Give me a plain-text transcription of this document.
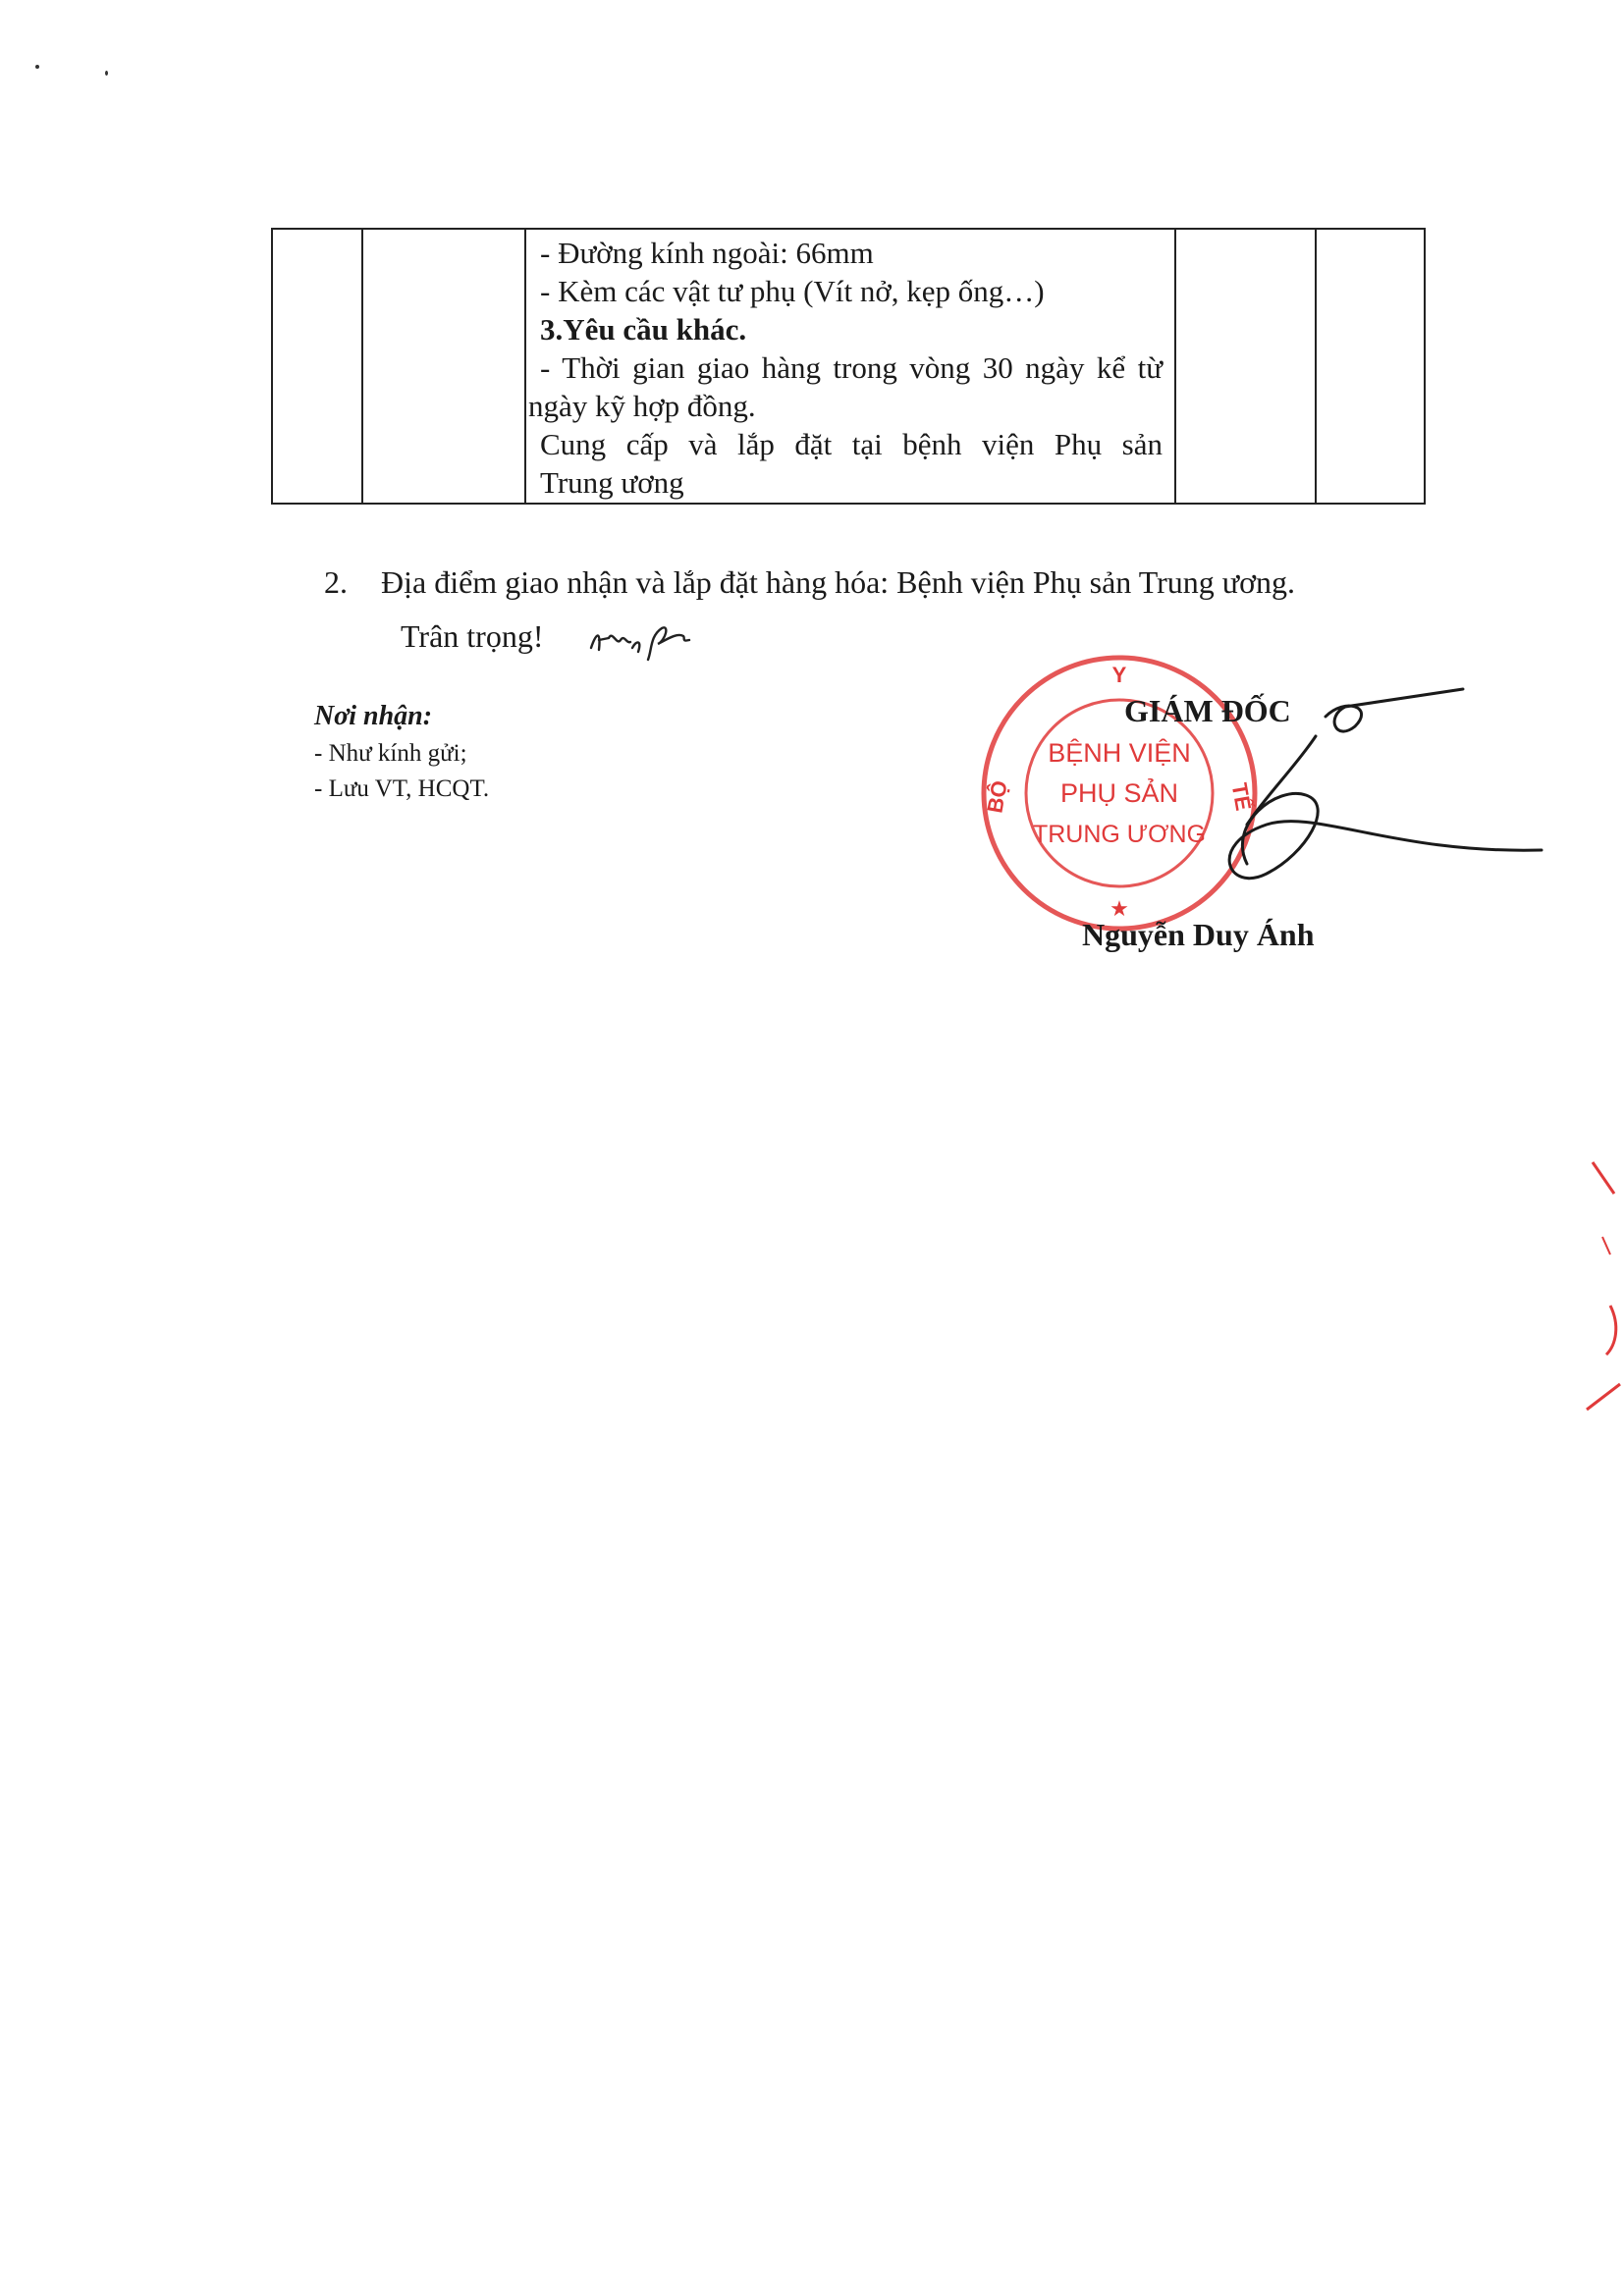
- Đường kính ngoài: 66mm
- Kèm các vật tư phụ (Vít nở, kẹp ống…)
3.Yêu cầu khác.
- Thời gian giao hàng trong vòng 30 ngày kể từ
ngày kỹ hợp đồng.
Cung cấp và lắp đặt tại bệnh viện Phụ sản
Trung ương
2. Địa điểm giao nhận và lắp đặt hàng hóa: Bệnh viện Phụ sản Trung ương.
Trân trọng!
Nơi nhận:
- Như kính gửi;
- Lưu VT, HCQT.
Y
BỘ	TẾ
BỆNH VIỆN
PHỤ SẢN
TRUNG ƯƠNG
★
GIÁM ĐỐC
Nguyễn Duy Ánh
